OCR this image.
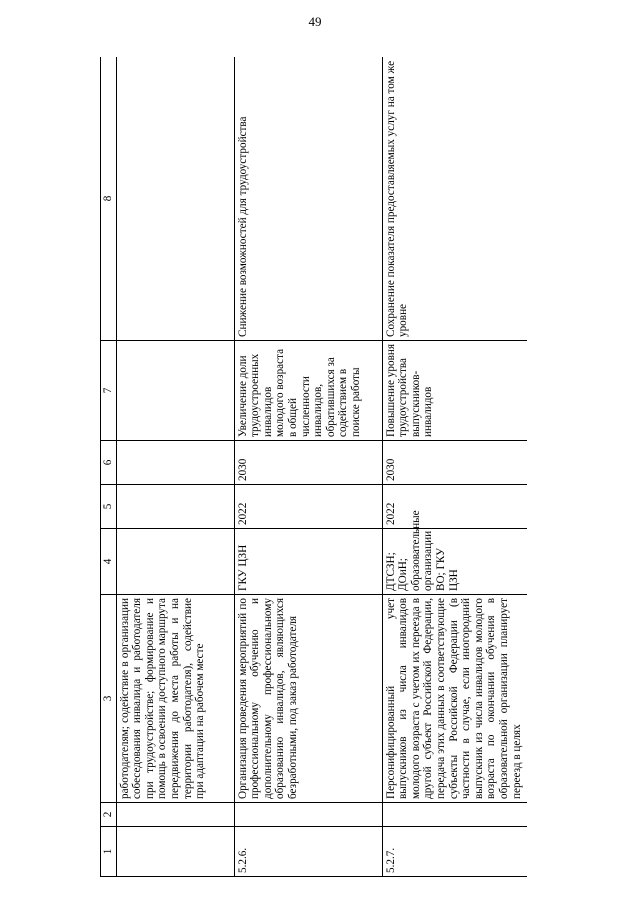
49
1	2	3	4	5	6	7	8
		работодателям; содействие в организации собеседования инвалида и работодателя при трудоустройстве; формирование и помощь в освоении доступного маршрута передвижения до места работы и на территории работодателя), содействие при адаптации на рабочем месте					
5.2.6.		Организация проведения мероприятий по профессиональному обучению и дополнительному профессиональному образованию инвалидов, являющихся безработными, под заказ работодателя	ГКУ ЦЗН	2022	2030	Увеличение доли трудоустроенных инвалидов молодого возраста в общей численности инвалидов, обратившихся за содействием в поиске работы	Снижение возможностей для трудоустройства
5.2.7.		Персонифицированный учет выпускников из числа инвалидов молодого возраста с учетом их переезда в другой субъект Российской Федерации, передача этих данных в соответствующие субъекты Российской Федерации (в частности в случае, если иногородний выпускник из числа инвалидов молодого возраста по окончании обучения в образовательной организации планирует переезд в целях	ДТСЗН; ДОиН; образовательные организации ВО; ГКУ ЦЗН	2022	2030	Повышение уровня трудоустройства выпускников-инвалидов	Сохранение показателя предоставляемых услуг на том же уровне
